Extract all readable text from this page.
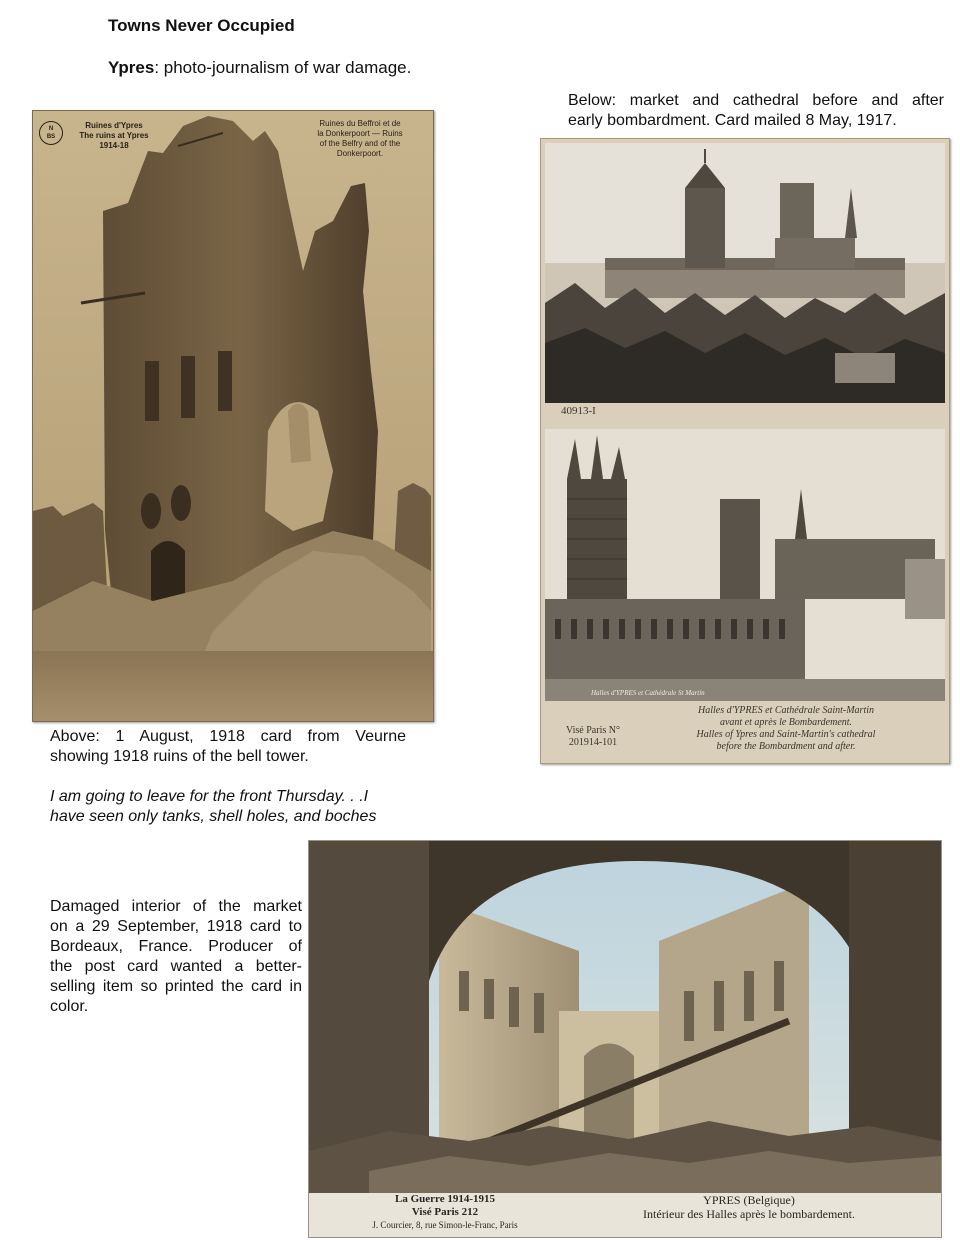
Towns Never Occupied
Ypres: photo-journalism of war damage.
Below: market and cathedral before and after
early bombardment. Card mailed 8 May, 1917.
N
BS
Ruines d'Ypres
The ruins at Ypres
1914-18
Ruines du Beffroi et de
la Donkerpoort — Ruins
of the Belfry and of the
Donkerpoort.
Above: 1 August, 1918 card from Veurne
showing 1918 ruins of the bell tower.
I am going to leave for the front Thursday. . .I
have seen only tanks, shell holes, and boches
40913-I
Halles d'YPRES et Cathédrale St Martin
Visé Paris N°
201914-101
Halles d'YPRES et Cathédrale Saint-Martin
avant et après le Bombardement.
Halles of Ypres and Saint-Martin's cathedral
before the Bombardment and after.
Damaged interior of the market
on a 29 September, 1918 card to
Bordeaux, France. Producer of
the post card wanted a better-
selling item so printed the card in
color.
La Guerre 1914-1915
Visé Paris 212
J. Courcier, 8, rue Simon-le-Franc, Paris
YPRES (Belgique)
Intérieur des Halles après le bombardement.
